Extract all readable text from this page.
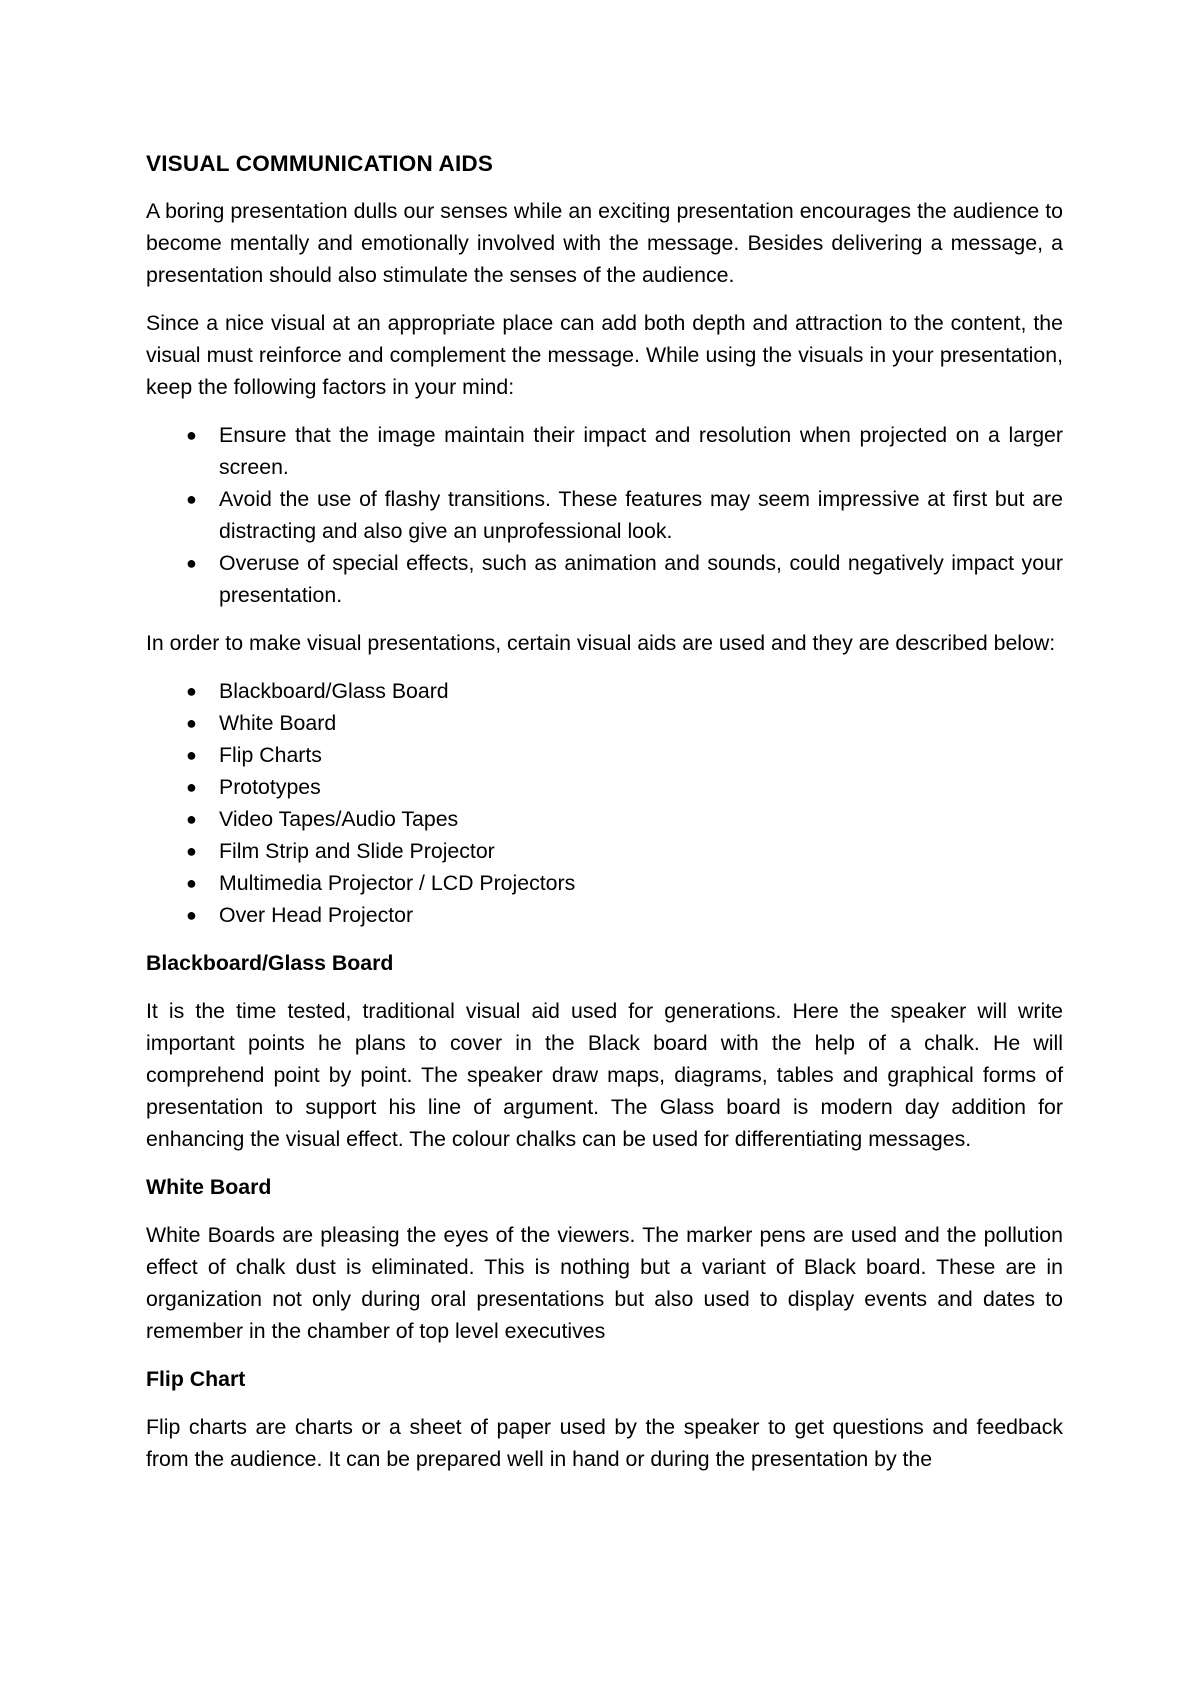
VISUAL COMMUNICATION AIDS

A boring presentation dulls our senses while an exciting presentation encourages the audience to become mentally and emotionally involved with the message. Besides delivering a message, a presentation should also stimulate the senses of the audience.

Since a nice visual at an appropriate place can add both depth and attraction to the content, the visual must reinforce and complement the message. While using the visuals in your presentation, keep the following factors in your mind:

●	Ensure that the image maintain their impact and resolution when projected on a larger screen.
●	Avoid the use of flashy transitions. These features may seem impressive at first but are distracting and also give an unprofessional look.
●	Overuse of special effects, such as animation and sounds, could negatively impact your presentation.

In order to make visual presentations, certain visual aids are used and they are described below:

●	Blackboard/Glass Board
●	White Board
●	Flip Charts
●	Prototypes
●	Video Tapes/Audio Tapes
●	Film Strip and Slide Projector
●	Multimedia Projector / LCD Projectors
●	Over Head Projector
Blackboard/Glass Board

It is the time tested, traditional visual aid used for generations. Here the speaker will write important points he plans to cover in the Black board with the help of a chalk. He will comprehend point by point. The speaker draw maps, diagrams, tables and graphical forms of presentation to support his line of argument. The Glass board is modern day addition for enhancing the visual effect. The colour chalks can be used for differentiating messages.

White Board

White Boards are pleasing the eyes of the viewers. The marker pens are used and the pollution effect of chalk dust is eliminated. This is nothing but a variant of Black board. These are in organization not only during oral presentations but also used to display events and dates to remember in the chamber of top level executives

Flip Chart

Flip charts are charts or a sheet of paper used by the speaker to get questions and feedback from the audience. It can be prepared well in hand or during the presentation by the
